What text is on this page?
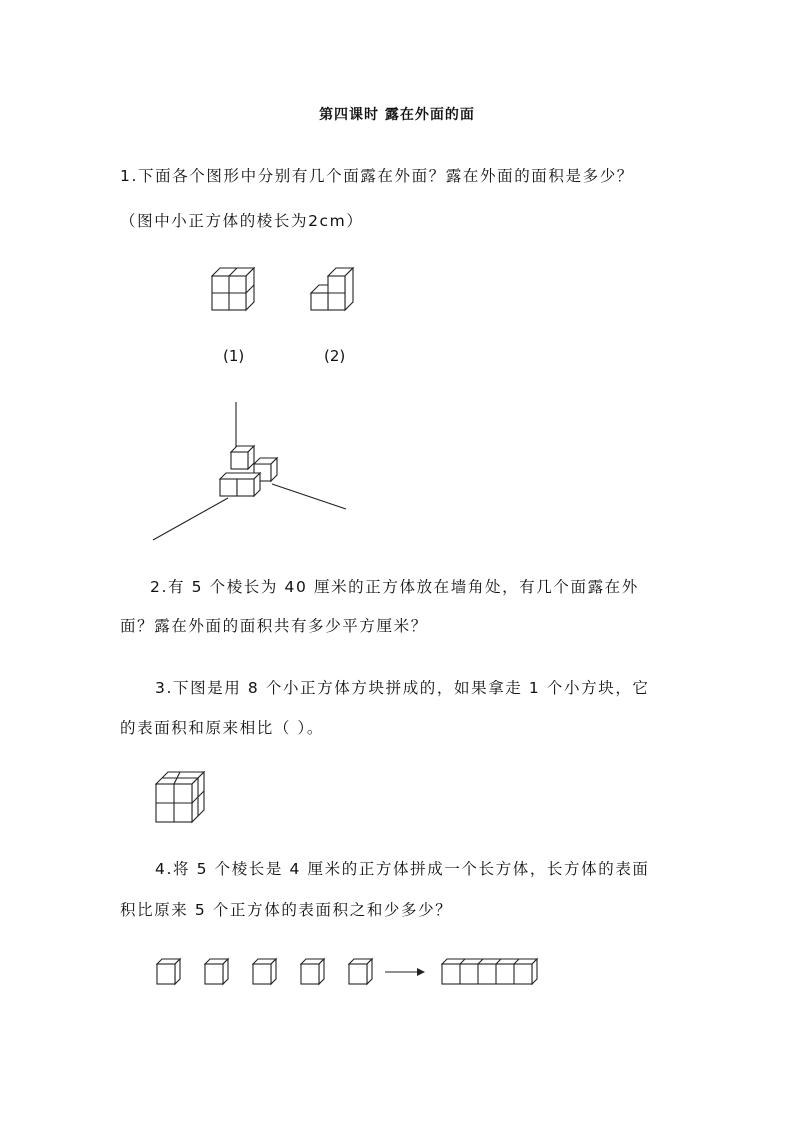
第四课时 露在外面的面
1.下面各个图形中分别有几个面露在外面？露在外面的面积是多少？
（图中小正方体的棱长为2cm）
(1)	(2)
2.有 5 个棱长为 40 厘米的正方体放在墙角处，有几个面露在外
面？露在外面的面积共有多少平方厘米？
3.下图是用 8 个小正方体方块拼成的，如果拿走 1 个小方块，它
的表面积和原来相比（ ）。
4.将 5 个棱长是 4 厘米的正方体拼成一个长方体，长方体的表面
积比原来 5 个正方体的表面积之和少多少？
